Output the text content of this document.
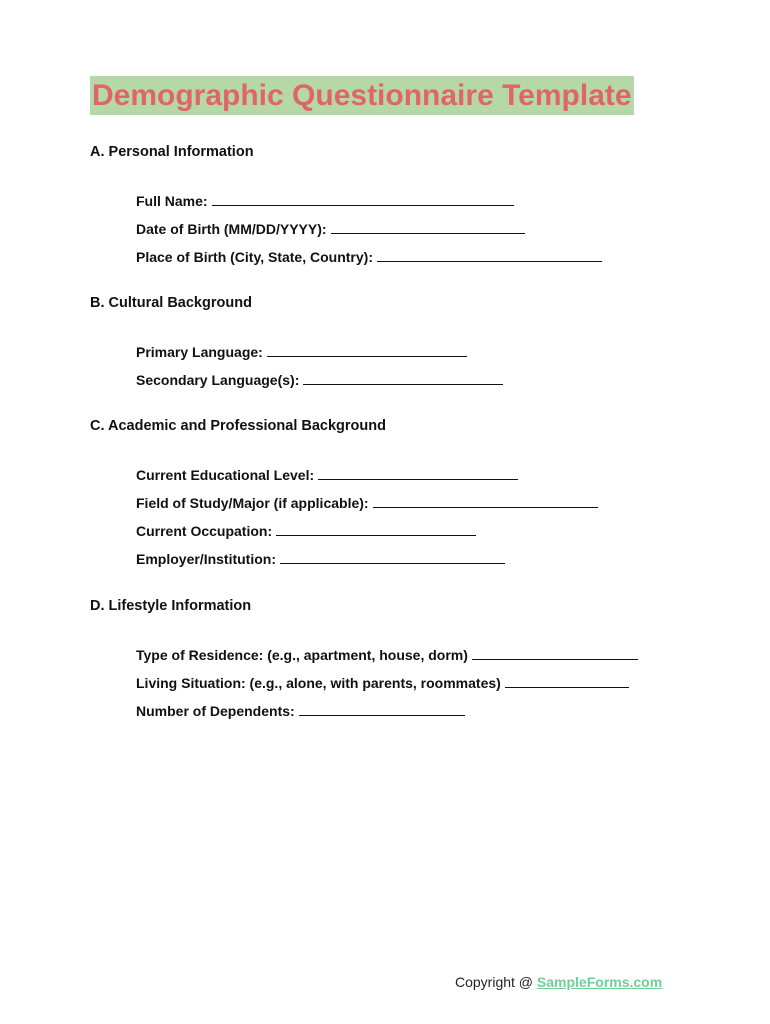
Demographic Questionnaire Template
A. Personal Information
Full Name:
Date of Birth (MM/DD/YYYY):
Place of Birth (City, State, Country):
B. Cultural Background
Primary Language:
Secondary Language(s):
C. Academic and Professional Background
Current Educational Level:
Field of Study/Major (if applicable):
Current Occupation:
Employer/Institution:
D. Lifestyle Information
Type of Residence: (e.g., apartment, house, dorm)
Living Situation: (e.g., alone, with parents, roommates)
Number of Dependents:
Copyright @ SampleForms.com
